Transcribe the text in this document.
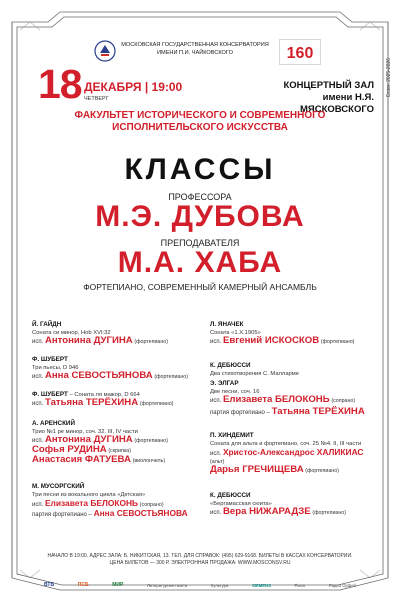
МОСКОВСКАЯ ГОСУДАРСТВЕННАЯ КОНСЕРВАТОРИЯ
ИМЕНИ П.И. ЧАЙКОВСКОГО	160
Сезон 2025-2026
18 ДЕКАБРЯ | 19:00
ЧЕТВЕРГ
КОНЦЕРТНЫЙ ЗАЛ
имени Н.Я. МЯСКОВСКОГО
ФАКУЛЬТЕТ ИСТОРИЧЕСКОГО И СОВРЕМЕННОГО
ИСПОЛНИТЕЛЬСКОГО ИСКУССТВА
КЛАССЫ
ПРОФЕССОРА
М.Э. ДУБОВА
ПРЕПОДАВАТЕЛЯ
М.А. ХАБА
ФОРТЕПИАНО, СОВРЕМЕННЫЙ КАМЕРНЫЙ АНСАМБЛЬ
Й. ГАЙДН
Соната си минор, Hob XVI:32
исп. Антонина ДУГИНА (фортепиано)
Ф. ШУБЕРТ
Три пьесы, D 946
исп. Анна СЕВОСТЬЯНОВА (фортепиано)
Ф. ШУБЕРТ – Соната ля мажор, D 664
исп. Татьяна ТЕРЁХИНА (фортепиано)
А. АРЕНСКИЙ
Трио №1 ре минор, соч. 32. III, IV части
исп. Антонина ДУГИНА (фортепиано)
Софья РУДИНА (скрипка)
Анастасия ФАТУЕВА (виолончель)
М. МУСОРГСКИЙ
Три песни из вокального цикла «Детская»
исп. Елизавета БЕЛОКОНЬ (сопрано)
партия фортепиано – Анна СЕВОСТЬЯНОВА
Л. ЯНАЧЕК
Соната «1.X.1905»
исп. Евгений ИСКОСКОВ (фортепиано)
К. ДЕБЮССИ
Два стихотворения С. Малларме
Э. ЭЛГАР
Две песни, соч. 16
исп. Елизавета БЕЛОКОНЬ (сопрано)
партия фортепиано – Татьяна ТЕРЁХИНА
П. ХИНДЕМИТ
Соната для альта и фортепиано, соч. 25 №4. II, III части
исп. Христос-Александрос ХАЛИКИАС
(альт)
Дарья ГРЕЧИЩЕВА (фортепиано)
К. ДЕБЮССИ
«Бергамасская сюита»
исп. Вера НИЖАРАДЗЕ (фортепиано)
НАЧАЛО В 19:00. АДРЕС ЗАЛА: Б. НИКИТСКАЯ, 13. ТЕЛ. ДЛЯ СПРАВОК: (495) 629-9168. БИЛЕТЫ В КАССАХ КОНСЕРВАТОРИИ.
ЦЕНА БИЛЕТОВ — 300 Р. ЭЛЕКТРОННАЯ ПРОДАЖА: WWW.MOSCONSV.RU
ВТБ	ПСБ	МИР	Литературная газета	Культура	SIEMENS	Piano	Радио Орфей
